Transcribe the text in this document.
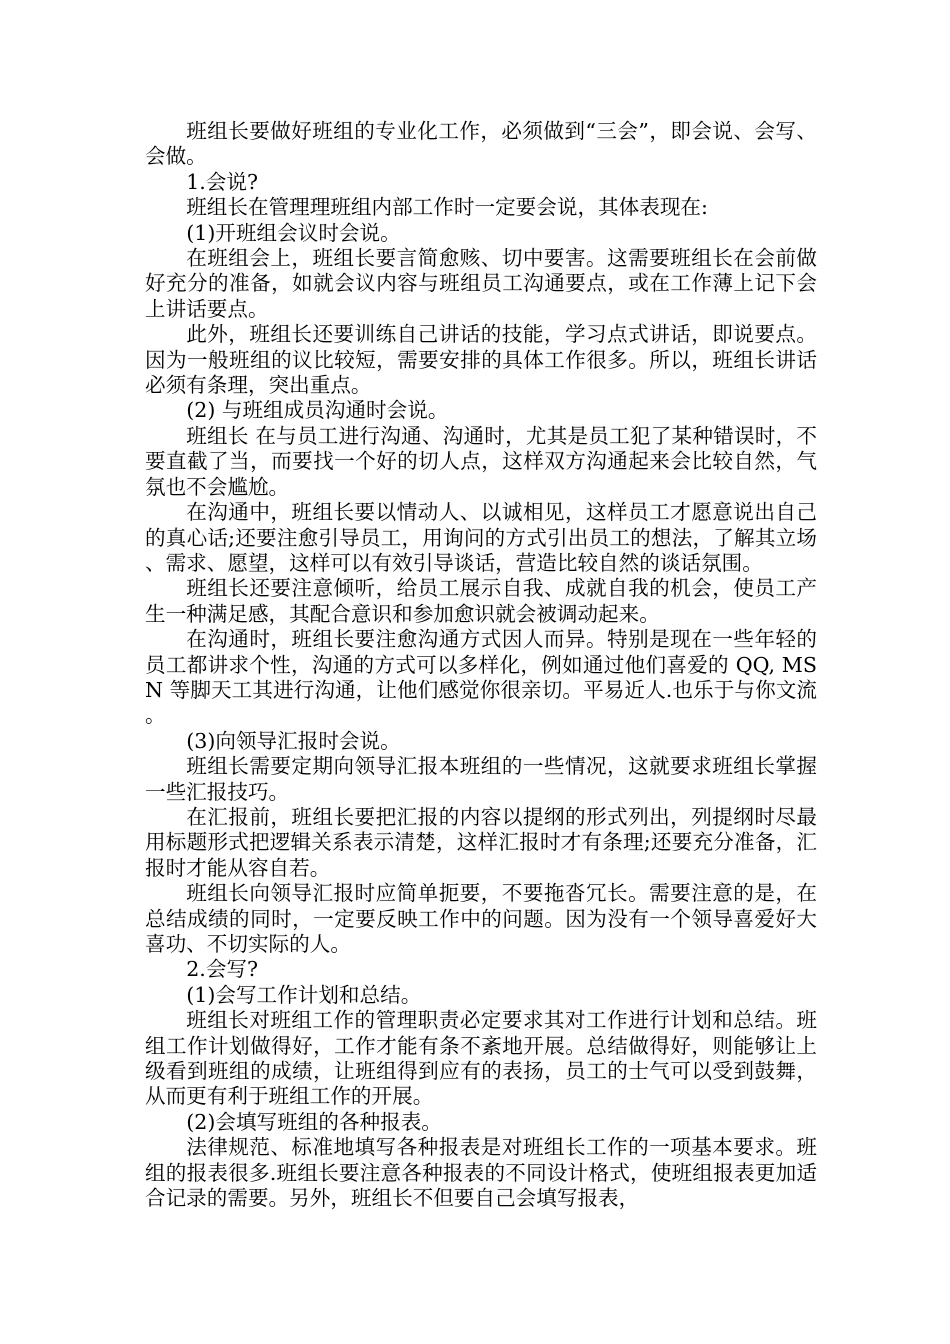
班组长要做好班组的专业化工作，必须做到“三会”，即会说、会写、会做。

1.会说?

班组长在管理理班组内部工作时一定要会说，其体表现在:

(1)开班组会议时会说。

在班组会上，班组长要言简愈赅、切中要害。这需要班组长在会前做好充分的准备，如就会议内容与班组员工沟通要点，或在工作薄上记下会上讲话要点。

此外，班组长还要训练自己讲话的技能，学习点式讲话，即说要点。因为一般班组的议比较短，需要安排的具体工作很多。所以，班组长讲话必须有条理，突出重点。

(2) 与班组成员沟通时会说。

班组长 在与员工进行沟通、沟通时，尤其是员工犯了某种错误时，不要直截了当，而要找一个好的切人点，这样双方沟通起来会比较自然，气氛也不会尴尬。

在沟通中，班组长要以情动人、以诚相见，这样员工才愿意说出自己的真心话;还要注愈引导员工，用询问的方式引出员工的想法，了解其立场、需求、愿望，这样可以有效引导谈话，营造比较自然的谈话氛围。

班组长还要注意倾听，给员工展示自我、成就自我的机会，使员工产生一种满足感，其配合意识和参加愈识就会被调动起来。

在沟通时，班组长要注愈沟通方式因人而异。特别是现在一些年轻的员工都讲求个性，沟通的方式可以多样化，例如通过他们喜爱的 QQ, MSN 等脚天工其进行沟通，让他们感觉你很亲切。平易近人.也乐于与你文流。

(3)向领导汇报时会说。

班组长需要定期向领导汇报本班组的一些情况，这就要求班组长掌握一些汇报技巧。

在汇报前，班组长要把汇报的内容以提纲的形式列出，列提纲时尽最用标题形式把逻辑关系表示清楚，这样汇报时才有条理;还要充分准备，汇报时才能从容自若。

班组长向领导汇报时应简单扼要，不要拖沓冗长。需要注意的是，在总结成绩的同时，一定要反映工作中的问题。因为没有一个领导喜爱好大喜功、不切实际的人。

2.会写?

(1)会写工作计划和总结。

班组长对班组工作的管理职责必定要求其对工作进行计划和总结。班组工作计划做得好，工作才能有条不紊地开展。总结做得好，则能够让上级看到班组的成绩，让班组得到应有的表扬，员工的士气可以受到鼓舞，从而更有利于班组工作的开展。

(2)会填写班组的各种报表。

法律规范、标准地填写各种报表是对班组长工作的一项基本要求。班组的报表很多.班组长要注意各种报表的不同设计格式，使班组报表更加适合记录的需要。另外，班组长不但要自己会填写报表，
